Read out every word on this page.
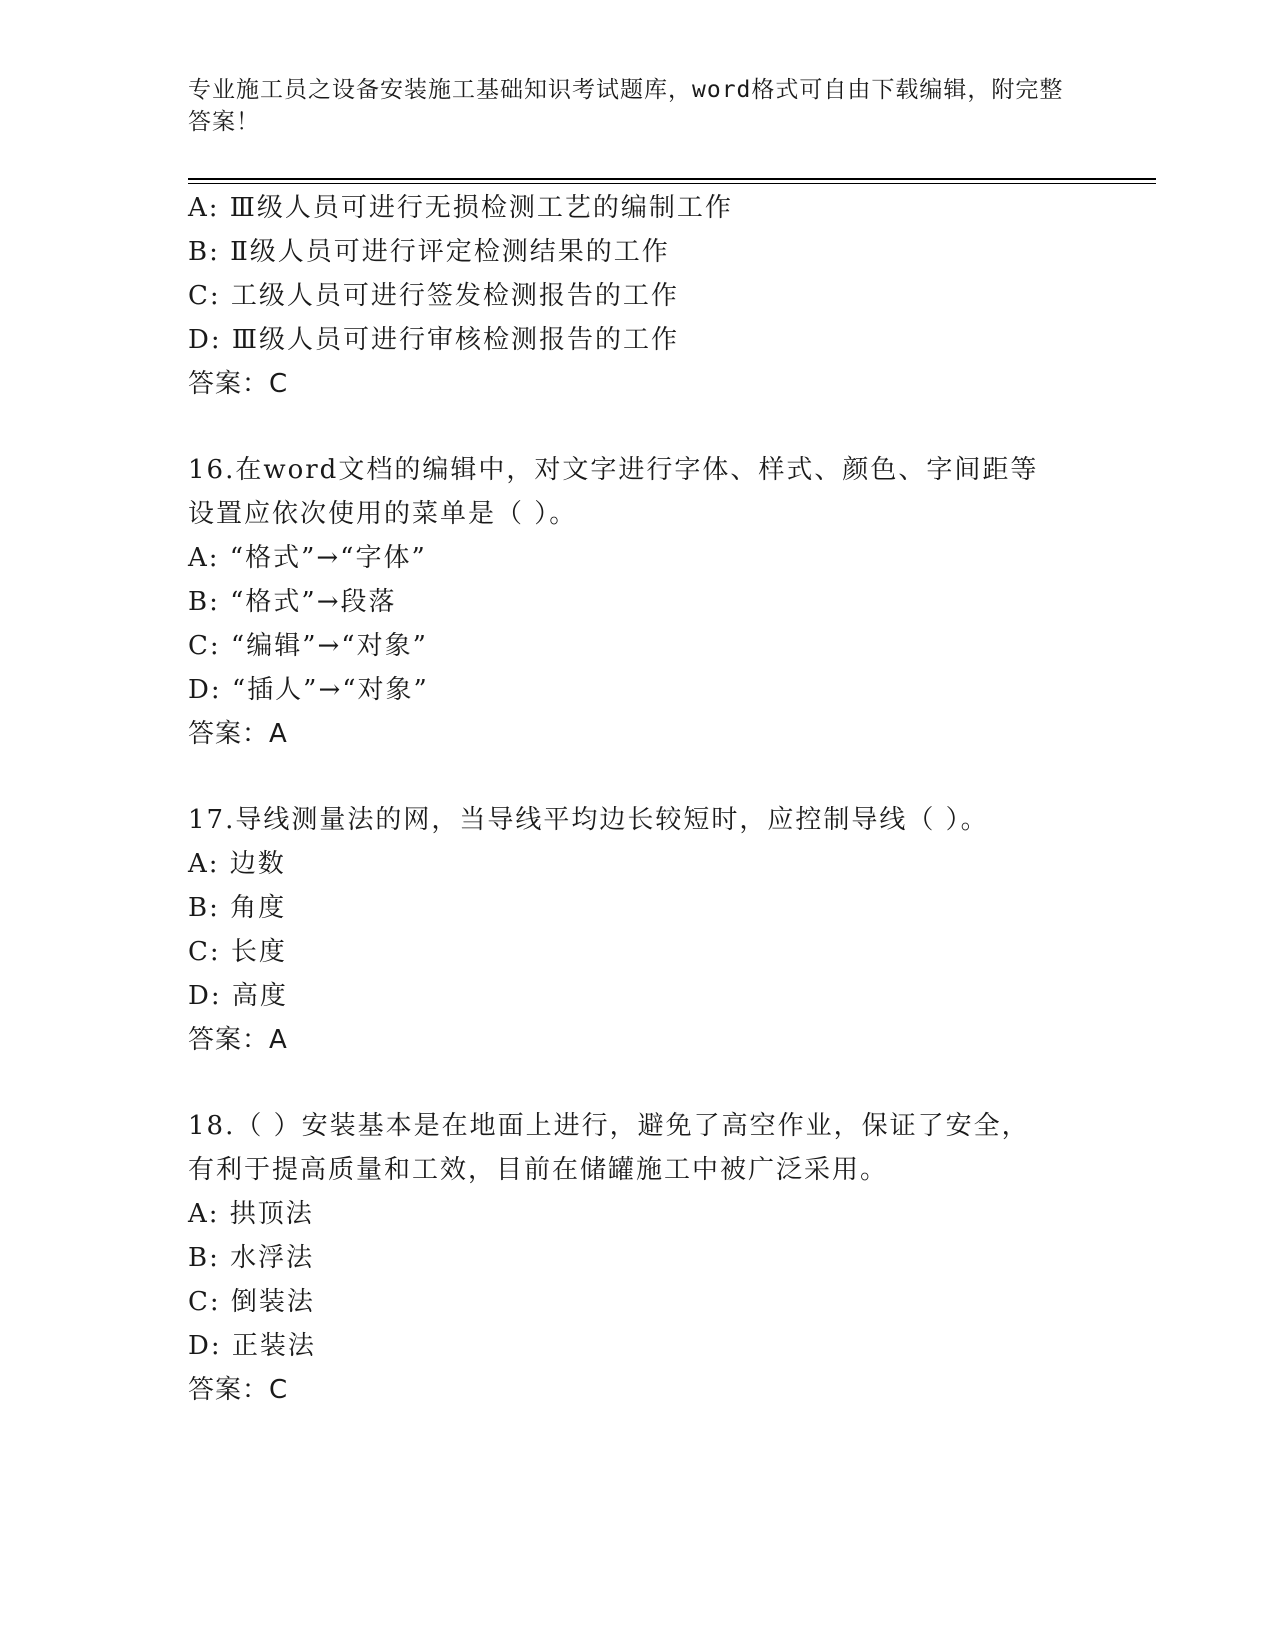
专业施工员之设备安装施工基础知识考试题库，word格式可自由下载编辑，附完整答案！
A: Ⅲ级人员可进行无损检测工艺的编制工作
B: Ⅱ级人员可进行评定检测结果的工作
C: 工级人员可进行签发检测报告的工作
D: Ⅲ级人员可进行审核检测报告的工作
答案：C
16.在word文档的编辑中，对文字进行字体、样式、颜色、字间距等
设置应依次使用的菜单是（ ）。
A: “格式”→“字体”
B: “格式”→段落
C: “编辑”→“对象”
D: “插人”→“对象”
答案：A
17.导线测量法的网，当导线平均边长较短时，应控制导线（ ）。
A: 边数
B: 角度
C: 长度
D: 高度
答案：A
18.（ ）安装基本是在地面上进行，避免了高空作业，保证了安全，
有利于提高质量和工效，目前在储罐施工中被广泛采用。
A: 拱顶法
B: 水浮法
C: 倒装法
D: 正装法
答案：C
